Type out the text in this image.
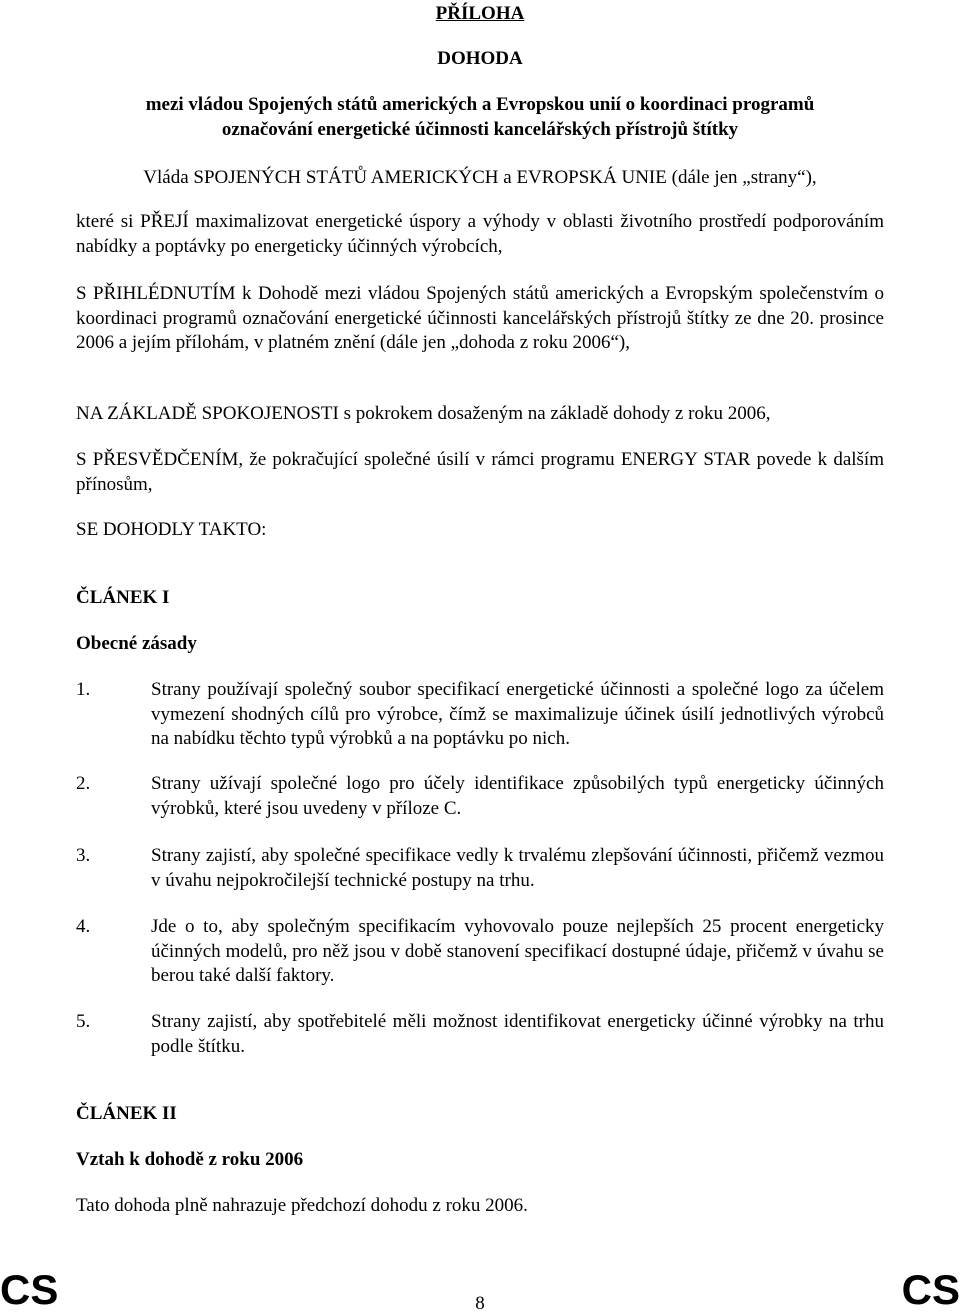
PŘÍLOHA
DOHODA
mezi vládou Spojených států amerických a Evropskou unií o koordinaci programů
označování energetické účinnosti kancelářských přístrojů štítky
Vláda SPOJENÝCH STÁTŮ AMERICKÝCH a EVROPSKÁ UNIE (dále jen „strany“),
které si PŘEJÍ maximalizovat energetické úspory a výhody v oblasti životního prostředí podporováním nabídky a poptávky po energeticky účinných výrobcích,
S PŘIHLÉDNUTÍM k Dohodě mezi vládou Spojených států amerických a Evropským společenstvím o koordinaci programů označování energetické účinnosti kancelářských přístrojů štítky ze dne 20. prosince 2006 a jejím přílohám, v platném znění (dále jen „dohoda z roku 2006“),
NA ZÁKLADĚ SPOKOJENOSTI s pokrokem dosaženým na základě dohody z roku 2006,
S PŘESVĚDČENÍM, že pokračující společné úsilí v rámci programu ENERGY STAR povede k dalším přínosům,
SE DOHODLY TAKTO:
ČLÁNEK I
Obecné zásady
1.	Strany používají společný soubor specifikací energetické účinnosti a společné logo za účelem vymezení shodných cílů pro výrobce, čímž se maximalizuje účinek úsilí jednotlivých výrobců na nabídku těchto typů výrobků a na poptávku po nich.
2.	Strany užívají společné logo pro účely identifikace způsobilých typů energeticky účinných výrobků, které jsou uvedeny v příloze C.
3.	Strany zajistí, aby společné specifikace vedly k trvalému zlepšování účinnosti, přičemž vezmou v úvahu nejpokročilejší technické postupy na trhu.
4.	Jde o to, aby společným specifikacím vyhovovalo pouze nejlepších 25 procent energeticky účinných modelů, pro něž jsou v době stanovení specifikací dostupné údaje, přičemž v úvahu se berou také další faktory.
5.	Strany zajistí, aby spotřebitelé měli možnost identifikovat energeticky účinné výrobky na trhu podle štítku.
ČLÁNEK II
Vztah k dohodě z roku 2006
Tato dohoda plně nahrazuje předchozí dohodu z roku 2006.
CS	CS
8
